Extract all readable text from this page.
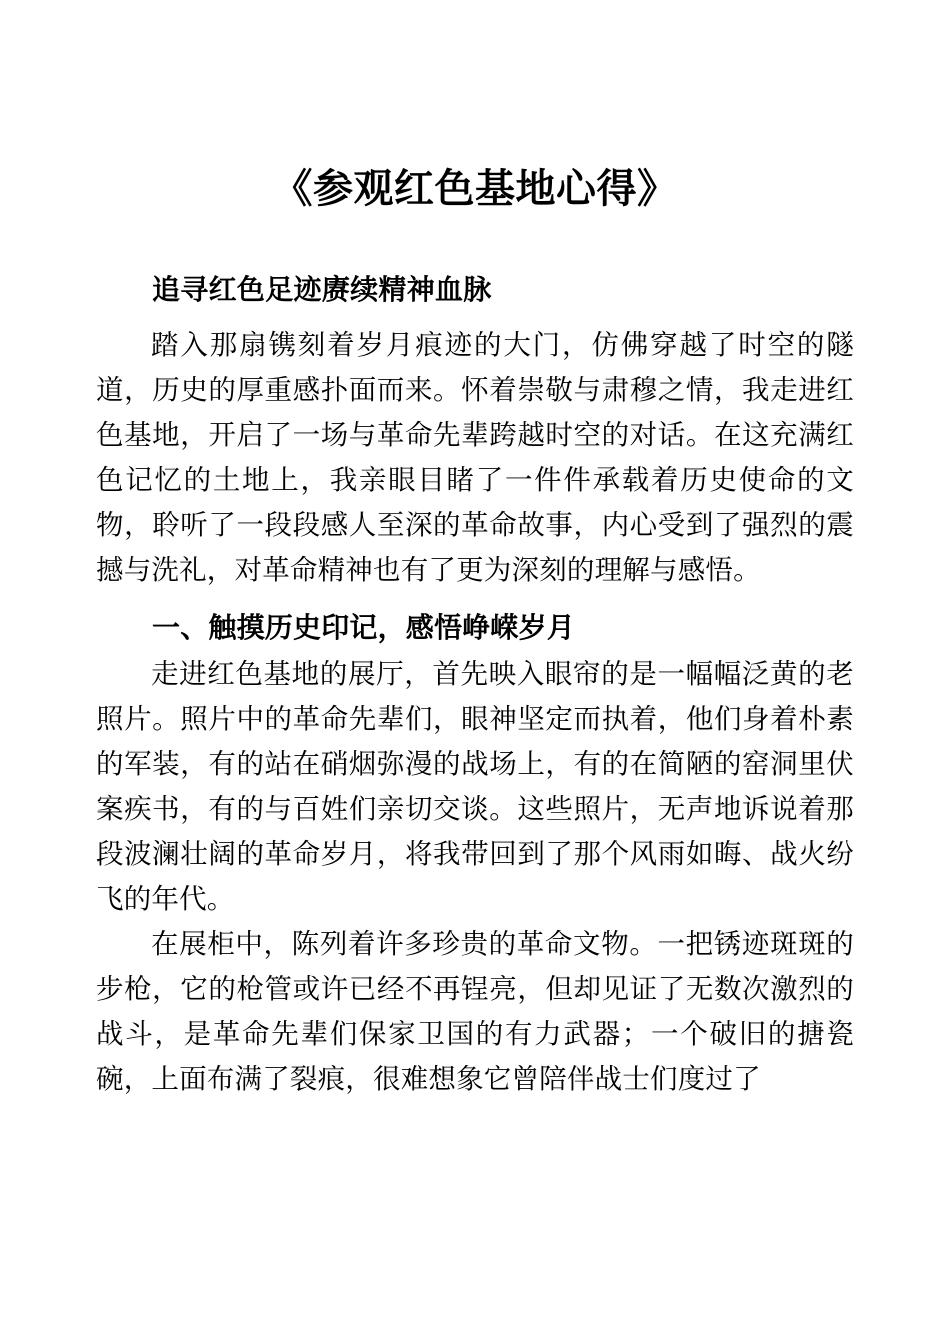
《参观红色基地心得》
追寻红色足迹赓续精神血脉

踏入那扇镌刻着岁月痕迹的大门，仿佛穿越了时空的隧道，历史的厚重感扑面而来。怀着崇敬与肃穆之情，我走进红色基地，开启了一场与革命先辈跨越时空的对话。在这充满红色记忆的土地上，我亲眼目睹了一件件承载着历史使命的文物，聆听了一段段感人至深的革命故事，内心受到了强烈的震撼与洗礼，对革命精神也有了更为深刻的理解与感悟。

一、触摸历史印记，感悟峥嵘岁月

走进红色基地的展厅，首先映入眼帘的是一幅幅泛黄的老照片。照片中的革命先辈们，眼神坚定而执着，他们身着朴素的军装，有的站在硝烟弥漫的战场上，有的在简陋的窑洞里伏案疾书，有的与百姓们亲切交谈。这些照片，无声地诉说着那段波澜壮阔的革命岁月，将我带回到了那个风雨如晦、战火纷飞的年代。

在展柜中，陈列着许多珍贵的革命文物。一把锈迹斑斑的步枪，它的枪管或许已经不再锃亮，但却见证了无数次激烈的战斗，是革命先辈们保家卫国的有力武器；一个破旧的搪瓷碗，上面布满了裂痕，很难想象它曾陪伴战士们度过了
